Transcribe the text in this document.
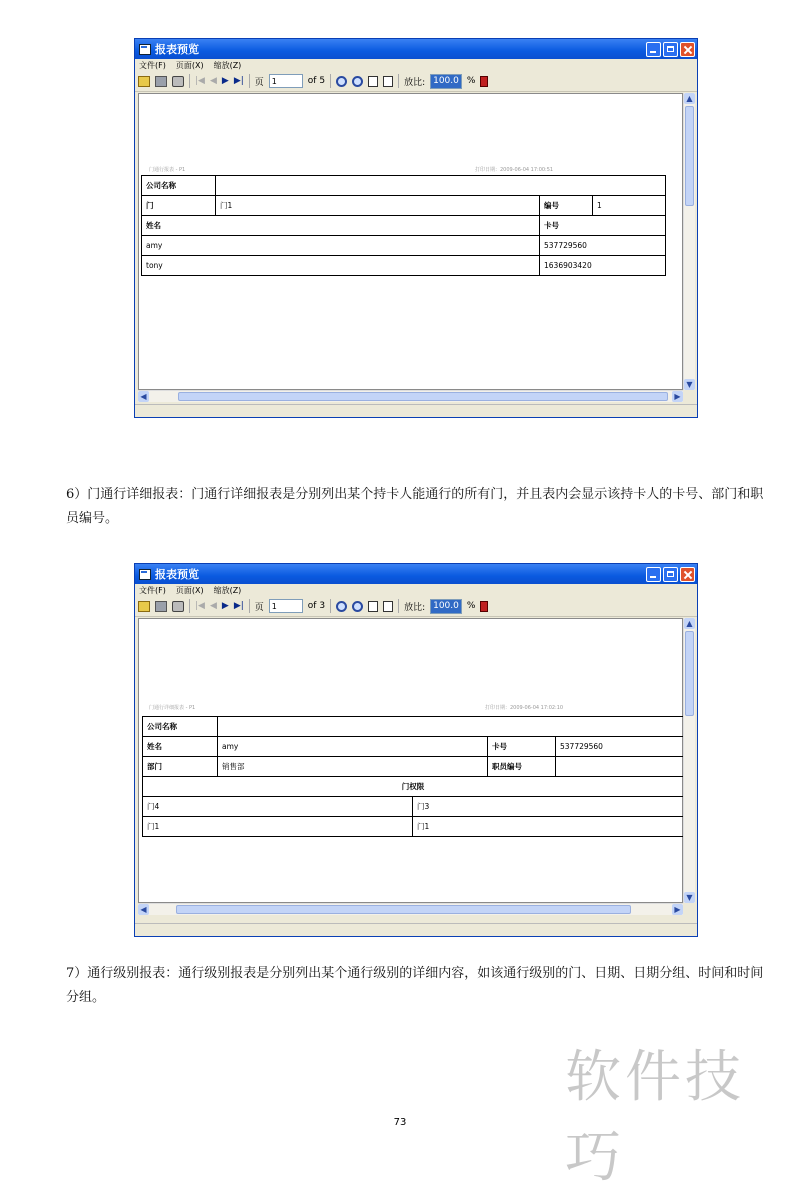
报表预览
文件(F) 页面(X) 缩放(Z)
|◀ ◀ ▶ ▶| 页	1	of 5	放比: 100.0 %
门通行报表 - P1	打印日期：2009-06-04 17:00:51
公司名称			
门	门1	编号	1
姓名		卡号	
amy		537729560	
tony		1636903420	
▲
▼
◀	▶
6）门通行详细报表：门通行详细报表是分别列出某个持卡人能通行的所有门，并且表内会显示该持卡人的卡号、部门和职员编号。
报表预览
文件(F) 页面(X) 缩放(Z)
|◀ ◀ ▶ ▶| 页	1	of 3	放比: 100.0 %
门通行详细报表 - P1	打印日期：2009-06-04 17:02:10
公司名称				
姓名	amy		卡号	537729560
部门	销售部		职员编号	
门权限				
门4		门3		
门1		门1		
▲
▼
◀	▶
7）通行级别报表：通行级别报表是分别列出某个通行级别的详细内容，如该通行级别的门、日期、日期分组、时间和时间分组。
软件技巧
73
